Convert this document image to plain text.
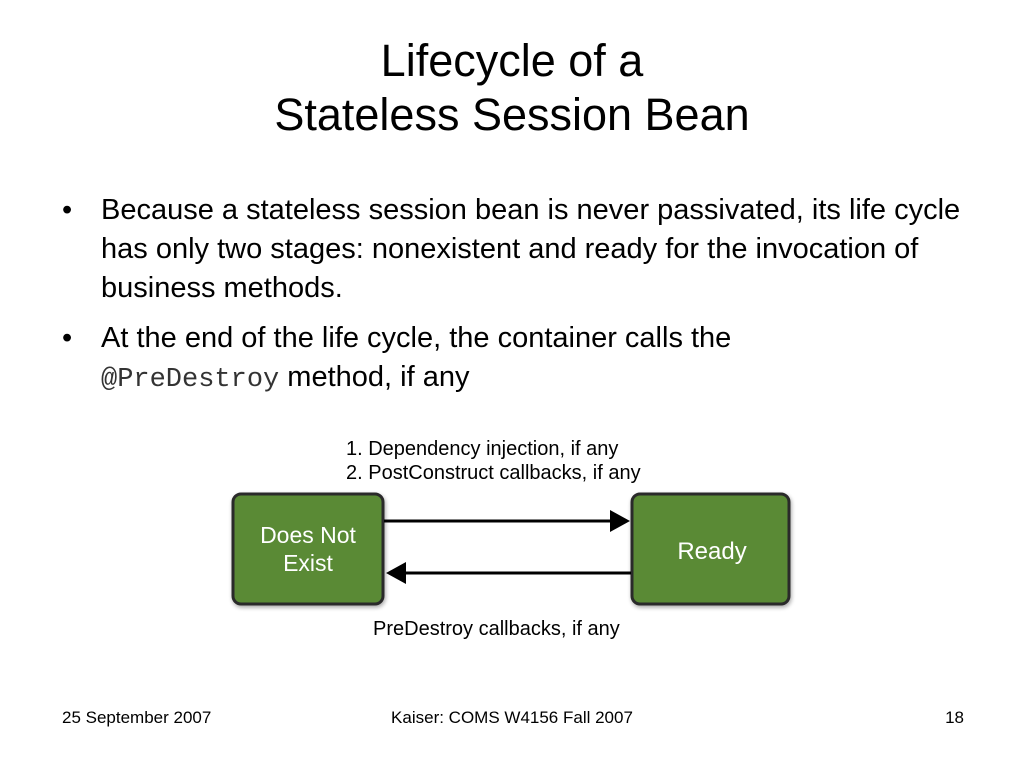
Lifecycle of a
Stateless Session Bean
• Because a stateless session bean is never passivated, its life cycle has only two stages: nonexistent and ready for the invocation of business methods.
• At the end of the life cycle, the container calls the
@PreDestroy method, if any
1. Dependency injection, if any
2. PostConstruct callbacks, if any
Does Not
Exist	Ready
PreDestroy callbacks, if any
25 September 2007	Kaiser: COMS W4156 Fall 2007	18
